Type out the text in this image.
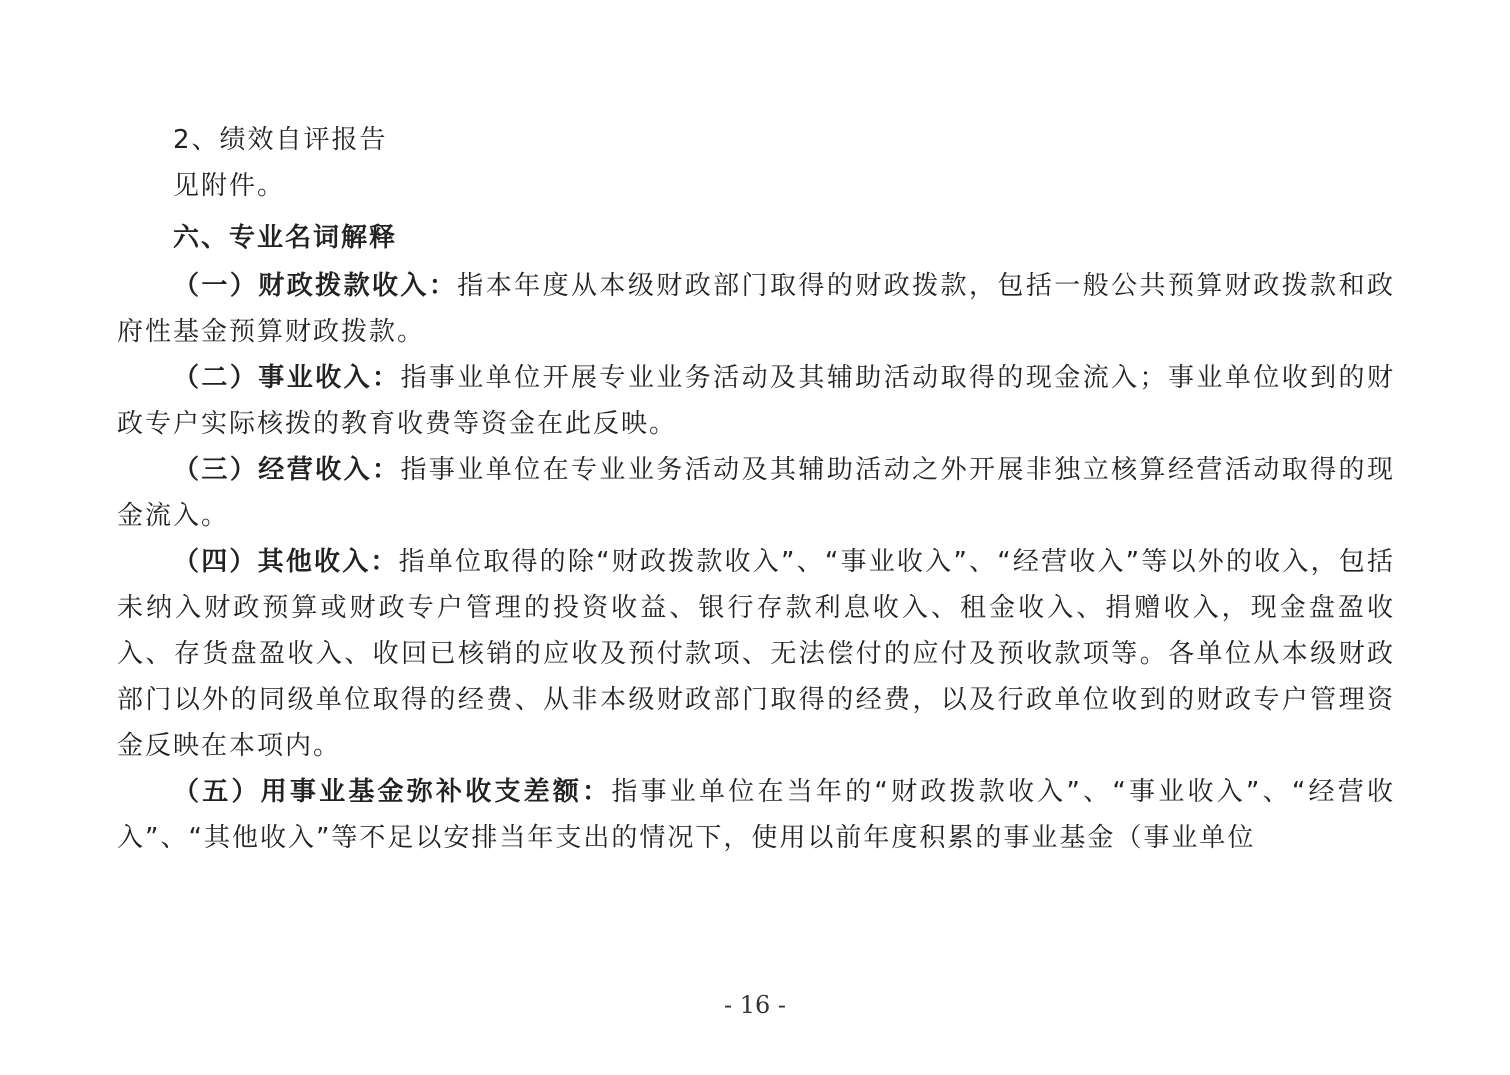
2、绩效自评报告

见附件。

六、专业名词解释

（一）财政拨款收入：指本年度从本级财政部门取得的财政拨款，包括一般公共预算财政拨款和政府性基金预算财政拨款。

（二）事业收入：指事业单位开展专业业务活动及其辅助活动取得的现金流入；事业单位收到的财政专户实际核拨的教育收费等资金在此反映。

（三）经营收入：指事业单位在专业业务活动及其辅助活动之外开展非独立核算经营活动取得的现金流入。

（四）其他收入：指单位取得的除“财政拨款收入”、“事业收入”、“经营收入”等以外的收入，包括未纳入财政预算或财政专户管理的投资收益、银行存款利息收入、租金收入、捐赠收入，现金盘盈收入、存货盘盈收入、收回已核销的应收及预付款项、无法偿付的应付及预收款项等。各单位从本级财政部门以外的同级单位取得的经费、从非本级财政部门取得的经费，以及行政单位收到的财政专户管理资金反映在本项内。

（五）用事业基金弥补收支差额：指事业单位在当年的“财政拨款收入”、“事业收入”、“经营收入”、“其他收入”等不足以安排当年支出的情况下，使用以前年度积累的事业基金（事业单位

- 16 -
